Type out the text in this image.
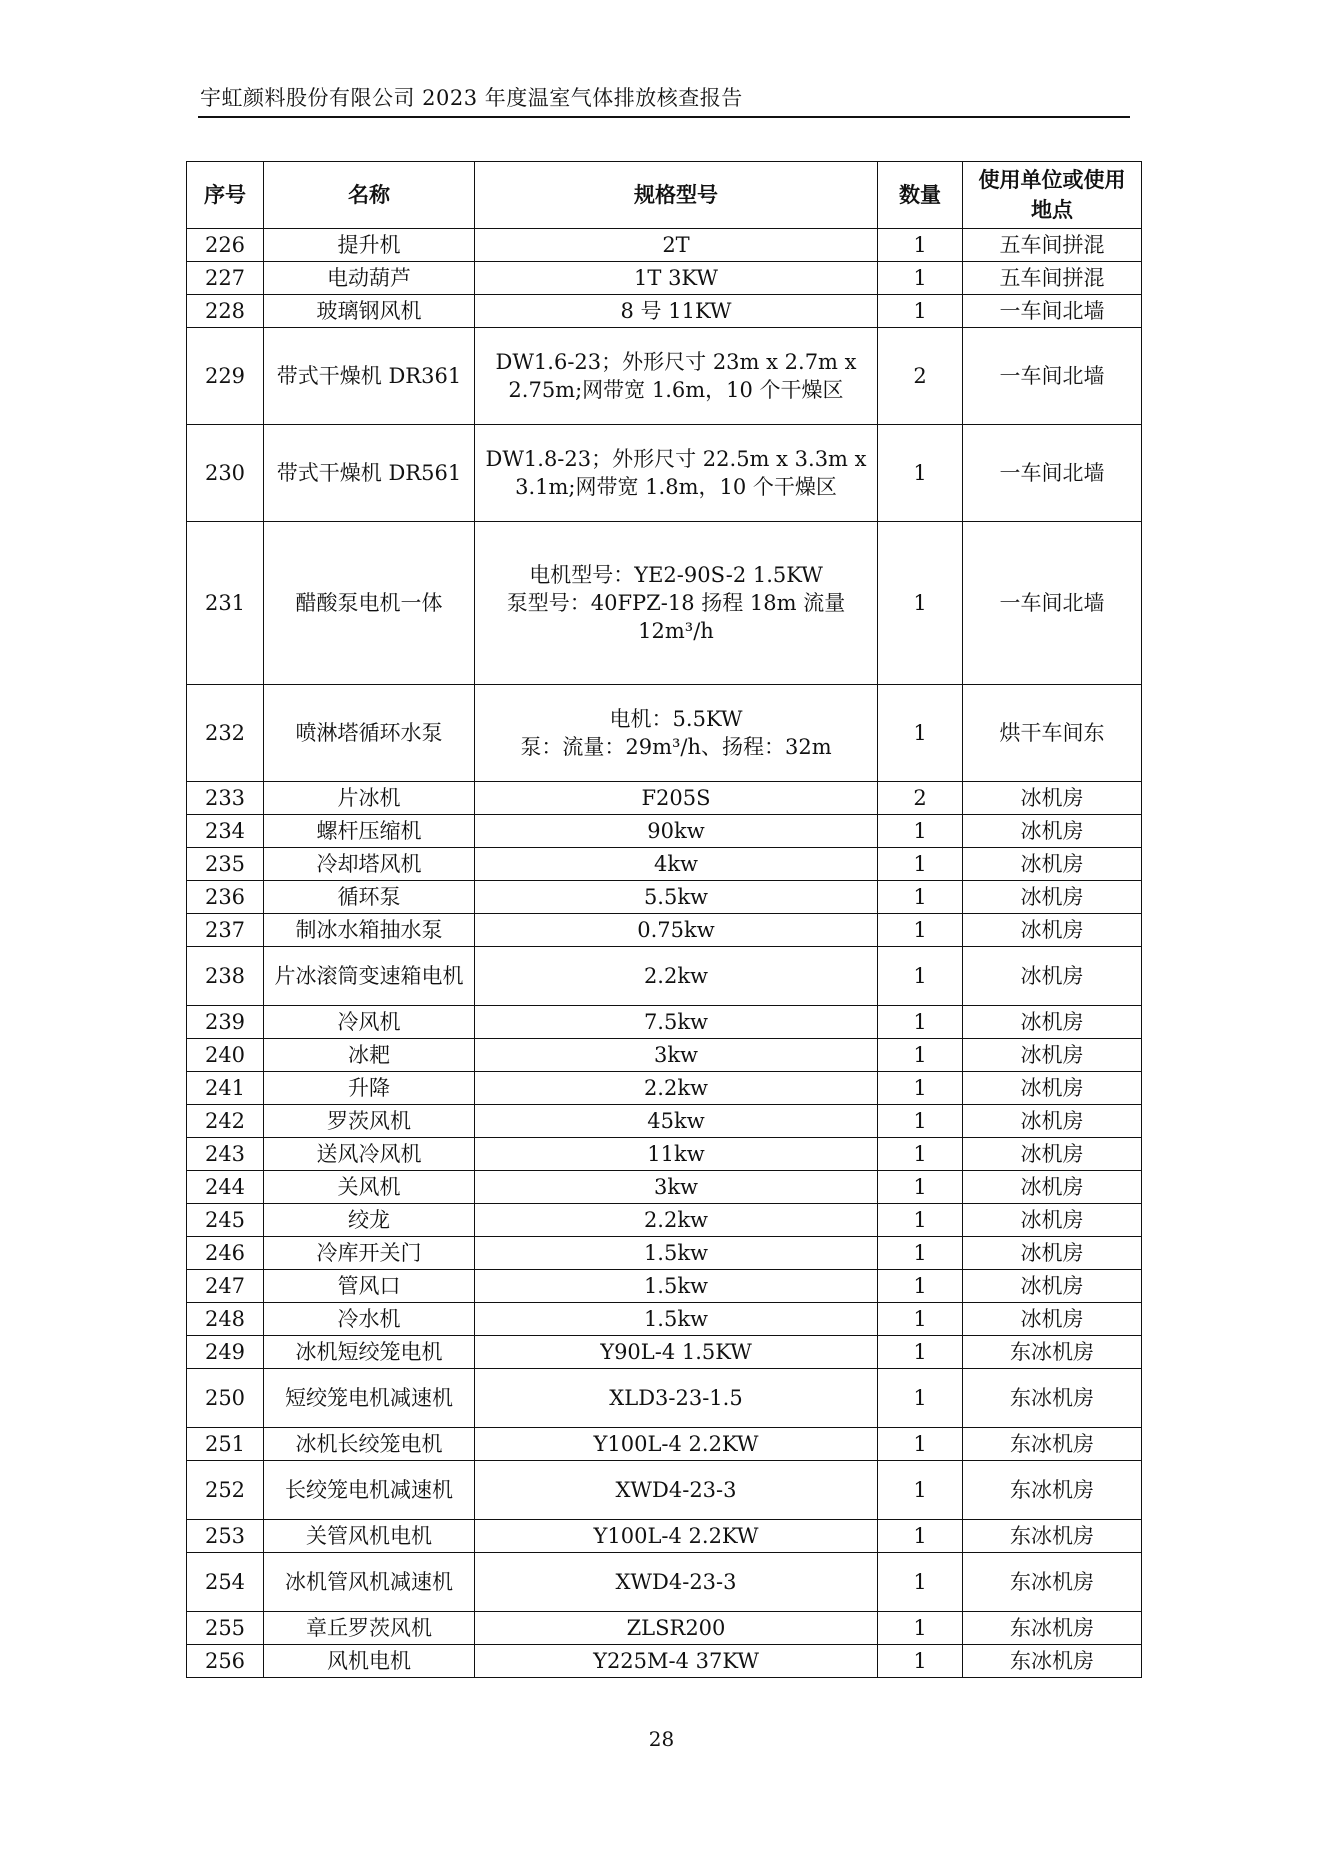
宇虹颜料股份有限公司 2023 年度温室气体排放核查报告
序号	名称	规格型号	数量	使用单位或使用地点
226	提升机	2T	1	五车间拼混
227	电动葫芦	1T 3KW	1	五车间拼混
228	玻璃钢风机	8 号 11KW	1	一车间北墙
229	带式干燥机 DR361	DW1.6-23；外形尺寸 23m x 2.7m x 2.75m;网带宽 1.6m，10 个干燥区	2	一车间北墙
230	带式干燥机 DR561	DW1.8-23；外形尺寸 22.5m x 3.3m x 3.1m;网带宽 1.8m，10 个干燥区	1	一车间北墙
231	醋酸泵电机一体	电机型号：YE2-90S-2 1.5KW
泵型号：40FPZ-18 扬程 18m 流量 12m³/h	1	一车间北墙
232	喷淋塔循环水泵	电机：5.5KW
泵：流量：29m³/h、扬程：32m	1	烘干车间东
233	片冰机	F205S	2	冰机房
234	螺杆压缩机	90kw	1	冰机房
235	冷却塔风机	4kw	1	冰机房
236	循环泵	5.5kw	1	冰机房
237	制冰水箱抽水泵	0.75kw	1	冰机房
238	片冰滚筒变速箱电机	2.2kw	1	冰机房
239	冷风机	7.5kw	1	冰机房
240	冰耙	3kw	1	冰机房
241	升降	2.2kw	1	冰机房
242	罗茨风机	45kw	1	冰机房
243	送风冷风机	11kw	1	冰机房
244	关风机	3kw	1	冰机房
245	绞龙	2.2kw	1	冰机房
246	冷库开关门	1.5kw	1	冰机房
247	管风口	1.5kw	1	冰机房
248	冷水机	1.5kw	1	冰机房
249	冰机短绞笼电机	Y90L-4 1.5KW	1	东冰机房
250	短绞笼电机减速机	XLD3-23-1.5	1	东冰机房
251	冰机长绞笼电机	Y100L-4 2.2KW	1	东冰机房
252	长绞笼电机减速机	XWD4-23-3	1	东冰机房
253	关管风机电机	Y100L-4 2.2KW	1	东冰机房
254	冰机管风机减速机	XWD4-23-3	1	东冰机房
255	章丘罗茨风机	ZLSR200	1	东冰机房
256	风机电机	Y225M-4 37KW	1	东冰机房
28
